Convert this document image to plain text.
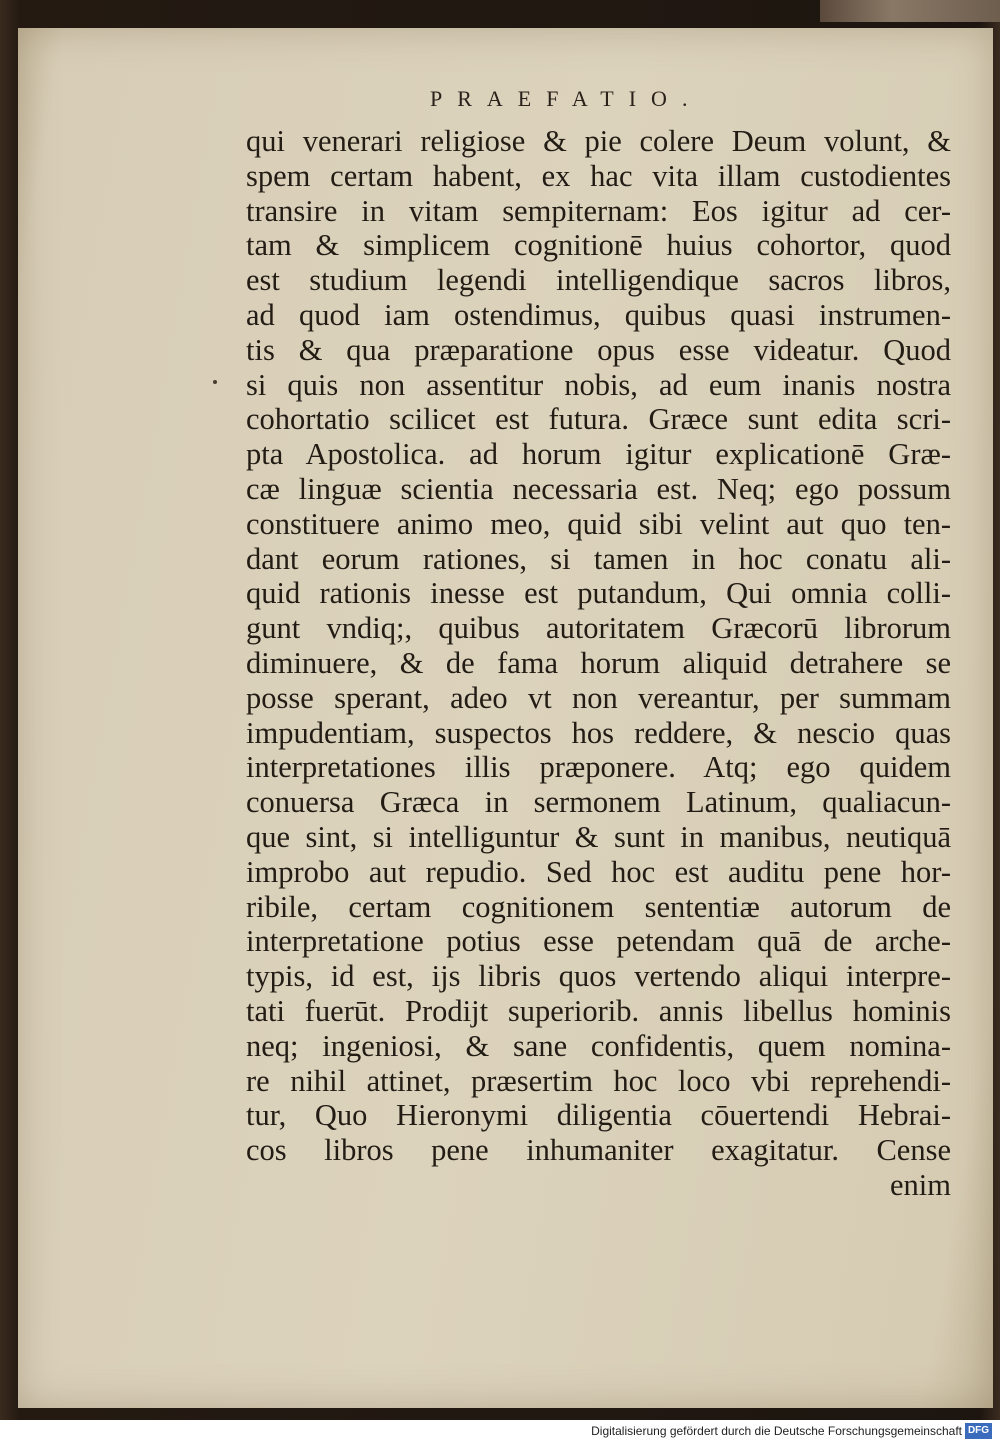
PRAEFATIO.
qui venerari religiose & pie colere Deum volunt, &
spem certam habent, ex hac vita illam custodientes
transire in vitam sempiternam: Eos igitur ad cer-
tam & simplicem cognitionē huius cohortor, quod
est studium legendi intelligendique sacros libros,
ad quod iam ostendimus, quibus quasi instrumen-
tis & qua præparatione opus esse videatur. Quod
si quis non assentitur nobis, ad eum inanis nostra
cohortatio scilicet est futura. Græce sunt edita scri-
pta Apostolica. ad horum igitur explicationē Græ-
cæ linguæ scientia necessaria est. Neq; ego possum
constituere animo meo, quid sibi velint aut quo ten-
dant eorum rationes, si tamen in hoc conatu ali-
quid rationis inesse est putandum, Qui omnia colli-
gunt vndiq;, quibus autoritatem Græcorū librorum
diminuere, & de fama horum aliquid detrahere se
posse sperant, adeo vt non vereantur, per summam
impudentiam, suspectos hos reddere, & nescio quas
interpretationes illis præponere. Atq; ego quidem
conuersa Græca in sermonem Latinum, qualiacun-
que sint, si intelliguntur & sunt in manibus, neutiquā
improbo aut repudio. Sed hoc est auditu pene hor-
ribile, certam cognitionem sententiæ autorum de
interpretatione potius esse petendam quā de arche-
typis, id est, ijs libris quos vertendo aliqui interpre-
tati fuerūt. Prodijt superiorib. annis libellus hominis
neq; ingeniosi, & sane confidentis, quem nomina-
re nihil attinet, præsertim hoc loco vbi reprehendi-
tur, Quo Hieronymi diligentia cōuertendi Hebrai-
cos libros pene inhumaniter exagitatur. Cense
enim
Digitalisierung gefördert durch die Deutsche Forschungsgemeinschaft DFG
